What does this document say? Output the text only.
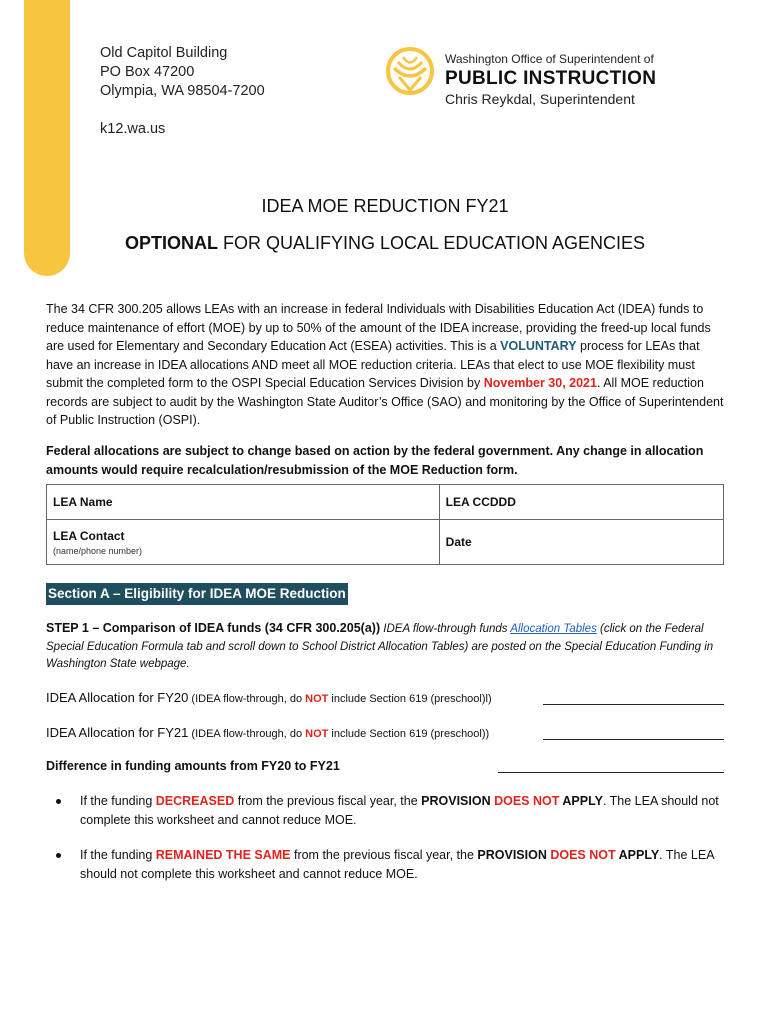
Old Capitol Building
PO Box 47200
Olympia, WA 98504-7200
k12.wa.us
Washington Office of Superintendent of
PUBLIC INSTRUCTION
Chris Reykdal, Superintendent
IDEA MOE REDUCTION FY21
OPTIONAL FOR QUALIFYING LOCAL EDUCATION AGENCIES
The 34 CFR 300.205 allows LEAs with an increase in federal Individuals with Disabilities Education Act (IDEA) funds to reduce maintenance of effort (MOE) by up to 50% of the amount of the IDEA increase, providing the freed-up local funds are used for Elementary and Secondary Education Act (ESEA) activities. This is a VOLUNTARY process for LEAs that have an increase in IDEA allocations AND meet all MOE reduction criteria. LEAs that elect to use MOE flexibility must submit the completed form to the OSPI Special Education Services Division by November 30, 2021. All MOE reduction records are subject to audit by the Washington State Auditor’s Office (SAO) and monitoring by the Office of Superintendent of Public Instruction (OSPI).
Federal allocations are subject to change based on action by the federal government. Any change in allocation amounts would require recalculation/resubmission of the MOE Reduction form.
LEA Name	LEA CCDDD

LEA Contact
(name/phone number)	Date
Section A – Eligibility for IDEA MOE Reduction
STEP 1 – Comparison of IDEA funds (34 CFR 300.205(a)) IDEA flow-through funds Allocation Tables (click on the Federal Special Education Formula tab and scroll down to School District Allocation Tables) are posted on the Special Education Funding in Washington State webpage.
IDEA Allocation for FY20 (IDEA flow-through, do NOT include Section 619 (preschool)l)
IDEA Allocation for FY21 (IDEA flow-through, do NOT include Section 619 (preschool))
Difference in funding amounts from FY20 to FY21
If the funding DECREASED from the previous fiscal year, the PROVISION DOES NOT APPLY. The LEA should not complete this worksheet and cannot reduce MOE.
If the funding REMAINED THE SAME from the previous fiscal year, the PROVISION DOES NOT APPLY. The LEA should not complete this worksheet and cannot reduce MOE.
